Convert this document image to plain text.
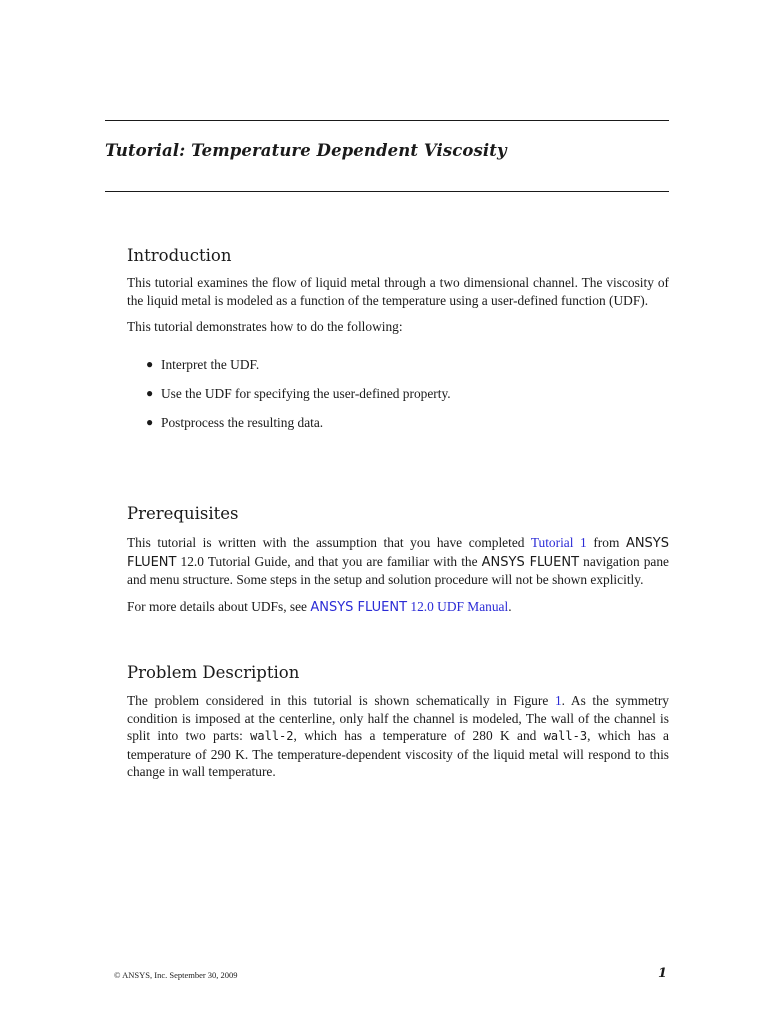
Tutorial: Temperature Dependent Viscosity
Introduction

This tutorial examines the flow of liquid metal through a two dimensional channel. The viscosity of the liquid metal is modeled as a function of the temperature using a user-defined function (UDF).

This tutorial demonstrates how to do the following:

● Interpret the UDF.
● Use the UDF for specifying the user-defined property.
● Postprocess the resulting data.
Prerequisites

This tutorial is written with the assumption that you have completed Tutorial 1 from ANSYS FLUENT 12.0 Tutorial Guide, and that you are familiar with the ANSYS FLUENT navigation pane and menu structure. Some steps in the setup and solution procedure will not be shown explicitly.

For more details about UDFs, see ANSYS FLUENT 12.0 UDF Manual.

Problem Description

The problem considered in this tutorial is shown schematically in Figure 1. As the symmetry condition is imposed at the centerline, only half the channel is modeled, The wall of the channel is split into two parts: wall-2, which has a temperature of 280 K and wall-3, which has a temperature of 290 K. The temperature-dependent viscosity of the liquid metal will respond to this change in wall temperature.

© ANSYS, Inc. September 30, 2009	1
